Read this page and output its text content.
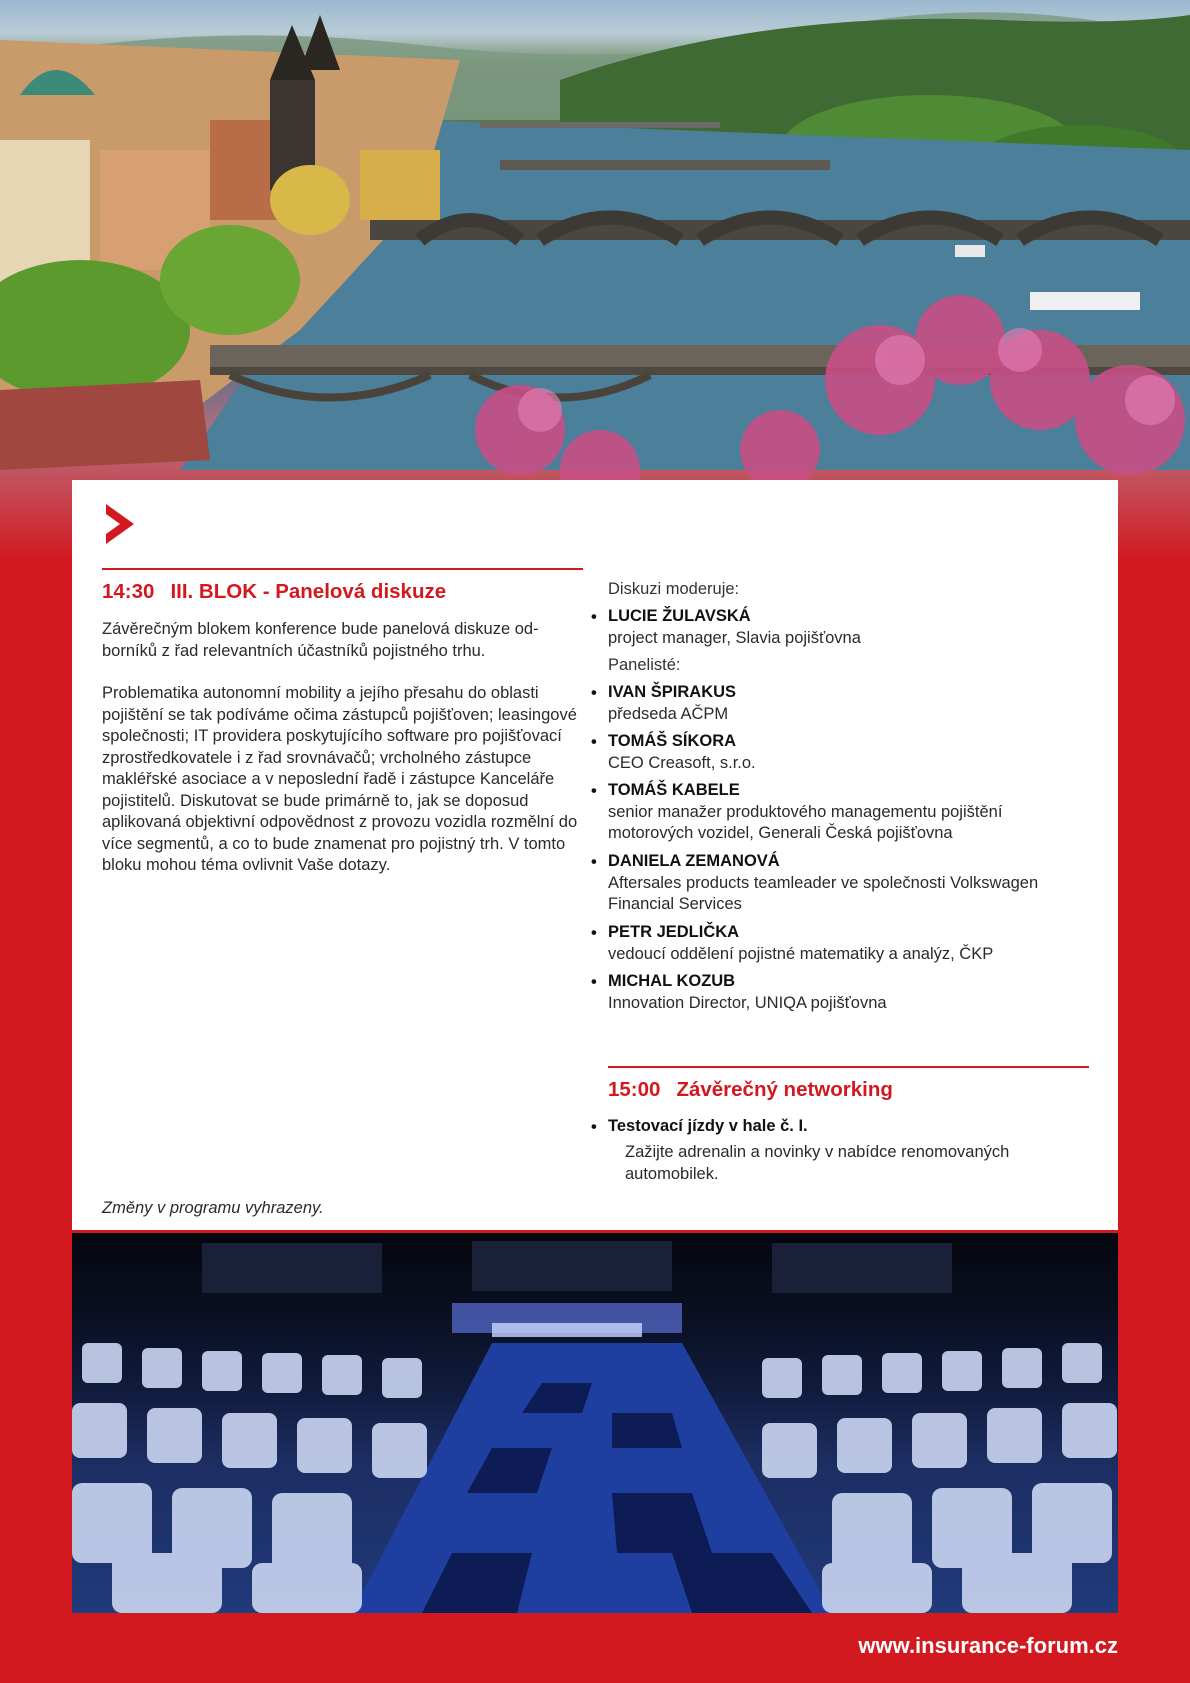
14:30 III. BLOK - Panelová diskuze

Závěrečným blokem konference bude panelová diskuze od-borníků z řad relevantních účastníků pojistného trhu.

Problematika autonomní mobility a jejího přesahu do oblasti pojištění se tak podíváme očima zástupců pojišťoven; leasingové společnosti; IT providera poskytujícího software pro pojišťovací zprostředkovatele i z řad srovnávačů; vrcholného zástupce makléřské asociace a v neposlední řadě i zástupce Kanceláře pojistitelů. Diskutovat se bude primárně to, jak se doposud aplikovaná objektivní odpovědnost z provozu vozidla rozmělní do více segmentů, a co to bude znamenat pro pojistný trh. V tomto bloku mohou téma ovlivnit Vaše dotazy.

Diskuzi moderuje:
• LUCIE ŽULAVSKÁ
project manager, Slavia pojišťovna
Panelisté:
• IVAN ŠPIRAKUS
předseda AČPM
• TOMÁŠ SÍKORA
CEO Creasoft, s.r.o.
• TOMÁŠ KABELE
senior manažer produktového managementu pojištění
motorových vozidel, Generali Česká pojišťovna
• DANIELA ZEMANOVÁ
Aftersales products teamleader ve společnosti Volkswagen
Financial Services
• PETR JEDLIČKA
vedoucí oddělení pojistné matematiky a analýz, ČKP
• MICHAL KOZUB
Innovation Director, UNIQA pojišťovna
15:00 Závěrečný networking
• Testovací jízdy v hale č. I.
Zažijte adrenalin a novinky v nabídce renomovaných automobilek.
Změny v programu vyhrazeny.
www.insurance-forum.cz
